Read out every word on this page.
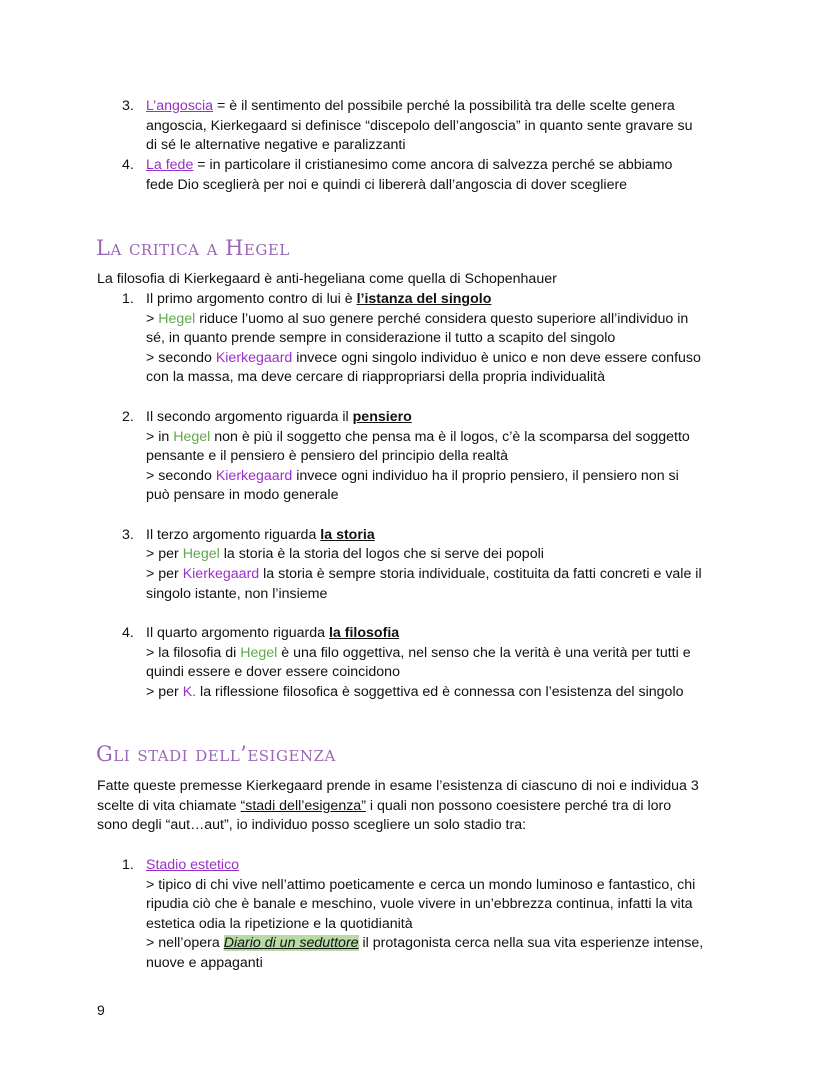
3. L’angoscia = è il sentimento del possibile perché la possibilità tra delle scelte genera
angoscia, Kierkegaard si definisce “discepolo dell’angoscia” in quanto sente gravare su
di sé le alternative negative e paralizzanti
4. La fede = in particolare il cristianesimo come ancora di salvezza perché se abbiamo
fede Dio sceglierà per noi e quindi ci libererà dall’angoscia di dover scegliere
La critica a Hegel
La filosofia di Kierkegaard è anti-hegeliana come quella di Schopenhauer
1. Il primo argomento contro di lui è l’istanza del singolo
> Hegel riduce l’uomo al suo genere perché considera questo superiore all’individuo in
sé, in quanto prende sempre in considerazione il tutto a scapito del singolo
> secondo Kierkegaard invece ogni singolo individuo è unico e non deve essere confuso
con la massa, ma deve cercare di riappropriarsi della propria individualità
2. Il secondo argomento riguarda il pensiero
> in Hegel non è più il soggetto che pensa ma è il logos, c’è la scomparsa del soggetto
pensante e il pensiero è pensiero del principio della realtà
> secondo Kierkegaard invece ogni individuo ha il proprio pensiero, il pensiero non si
può pensare in modo generale
3. Il terzo argomento riguarda la storia
> per Hegel la storia è la storia del logos che si serve dei popoli
> per Kierkegaard la storia è sempre storia individuale, costituita da fatti concreti e vale il
singolo istante, non l’insieme
4. Il quarto argomento riguarda la filosofia
> la filosofia di Hegel è una filo oggettiva, nel senso che la verità è una verità per tutti e
quindi essere e dover essere coincidono
> per K. la riflessione filosofica è soggettiva ed è connessa con l’esistenza del singolo
Gli stadi dell’esigenza
Fatte queste premesse Kierkegaard prende in esame l’esistenza di ciascuno di noi e individua 3
scelte di vita chiamate “stadi dell’esigenza” i quali non possono coesistere perché tra di loro
sono degli “aut…aut”, io individuo posso scegliere un solo stadio tra:
1. Stadio estetico
> tipico di chi vive nell’attimo poeticamente e cerca un mondo luminoso e fantastico, chi
ripudia ciò che è banale e meschino, vuole vivere in un’ebbrezza continua, infatti la vita
estetica odia la ripetizione e la quotidianità
> nell’opera Diario di un seduttore il protagonista cerca nella sua vita esperienze intense,
nuove e appaganti
9
